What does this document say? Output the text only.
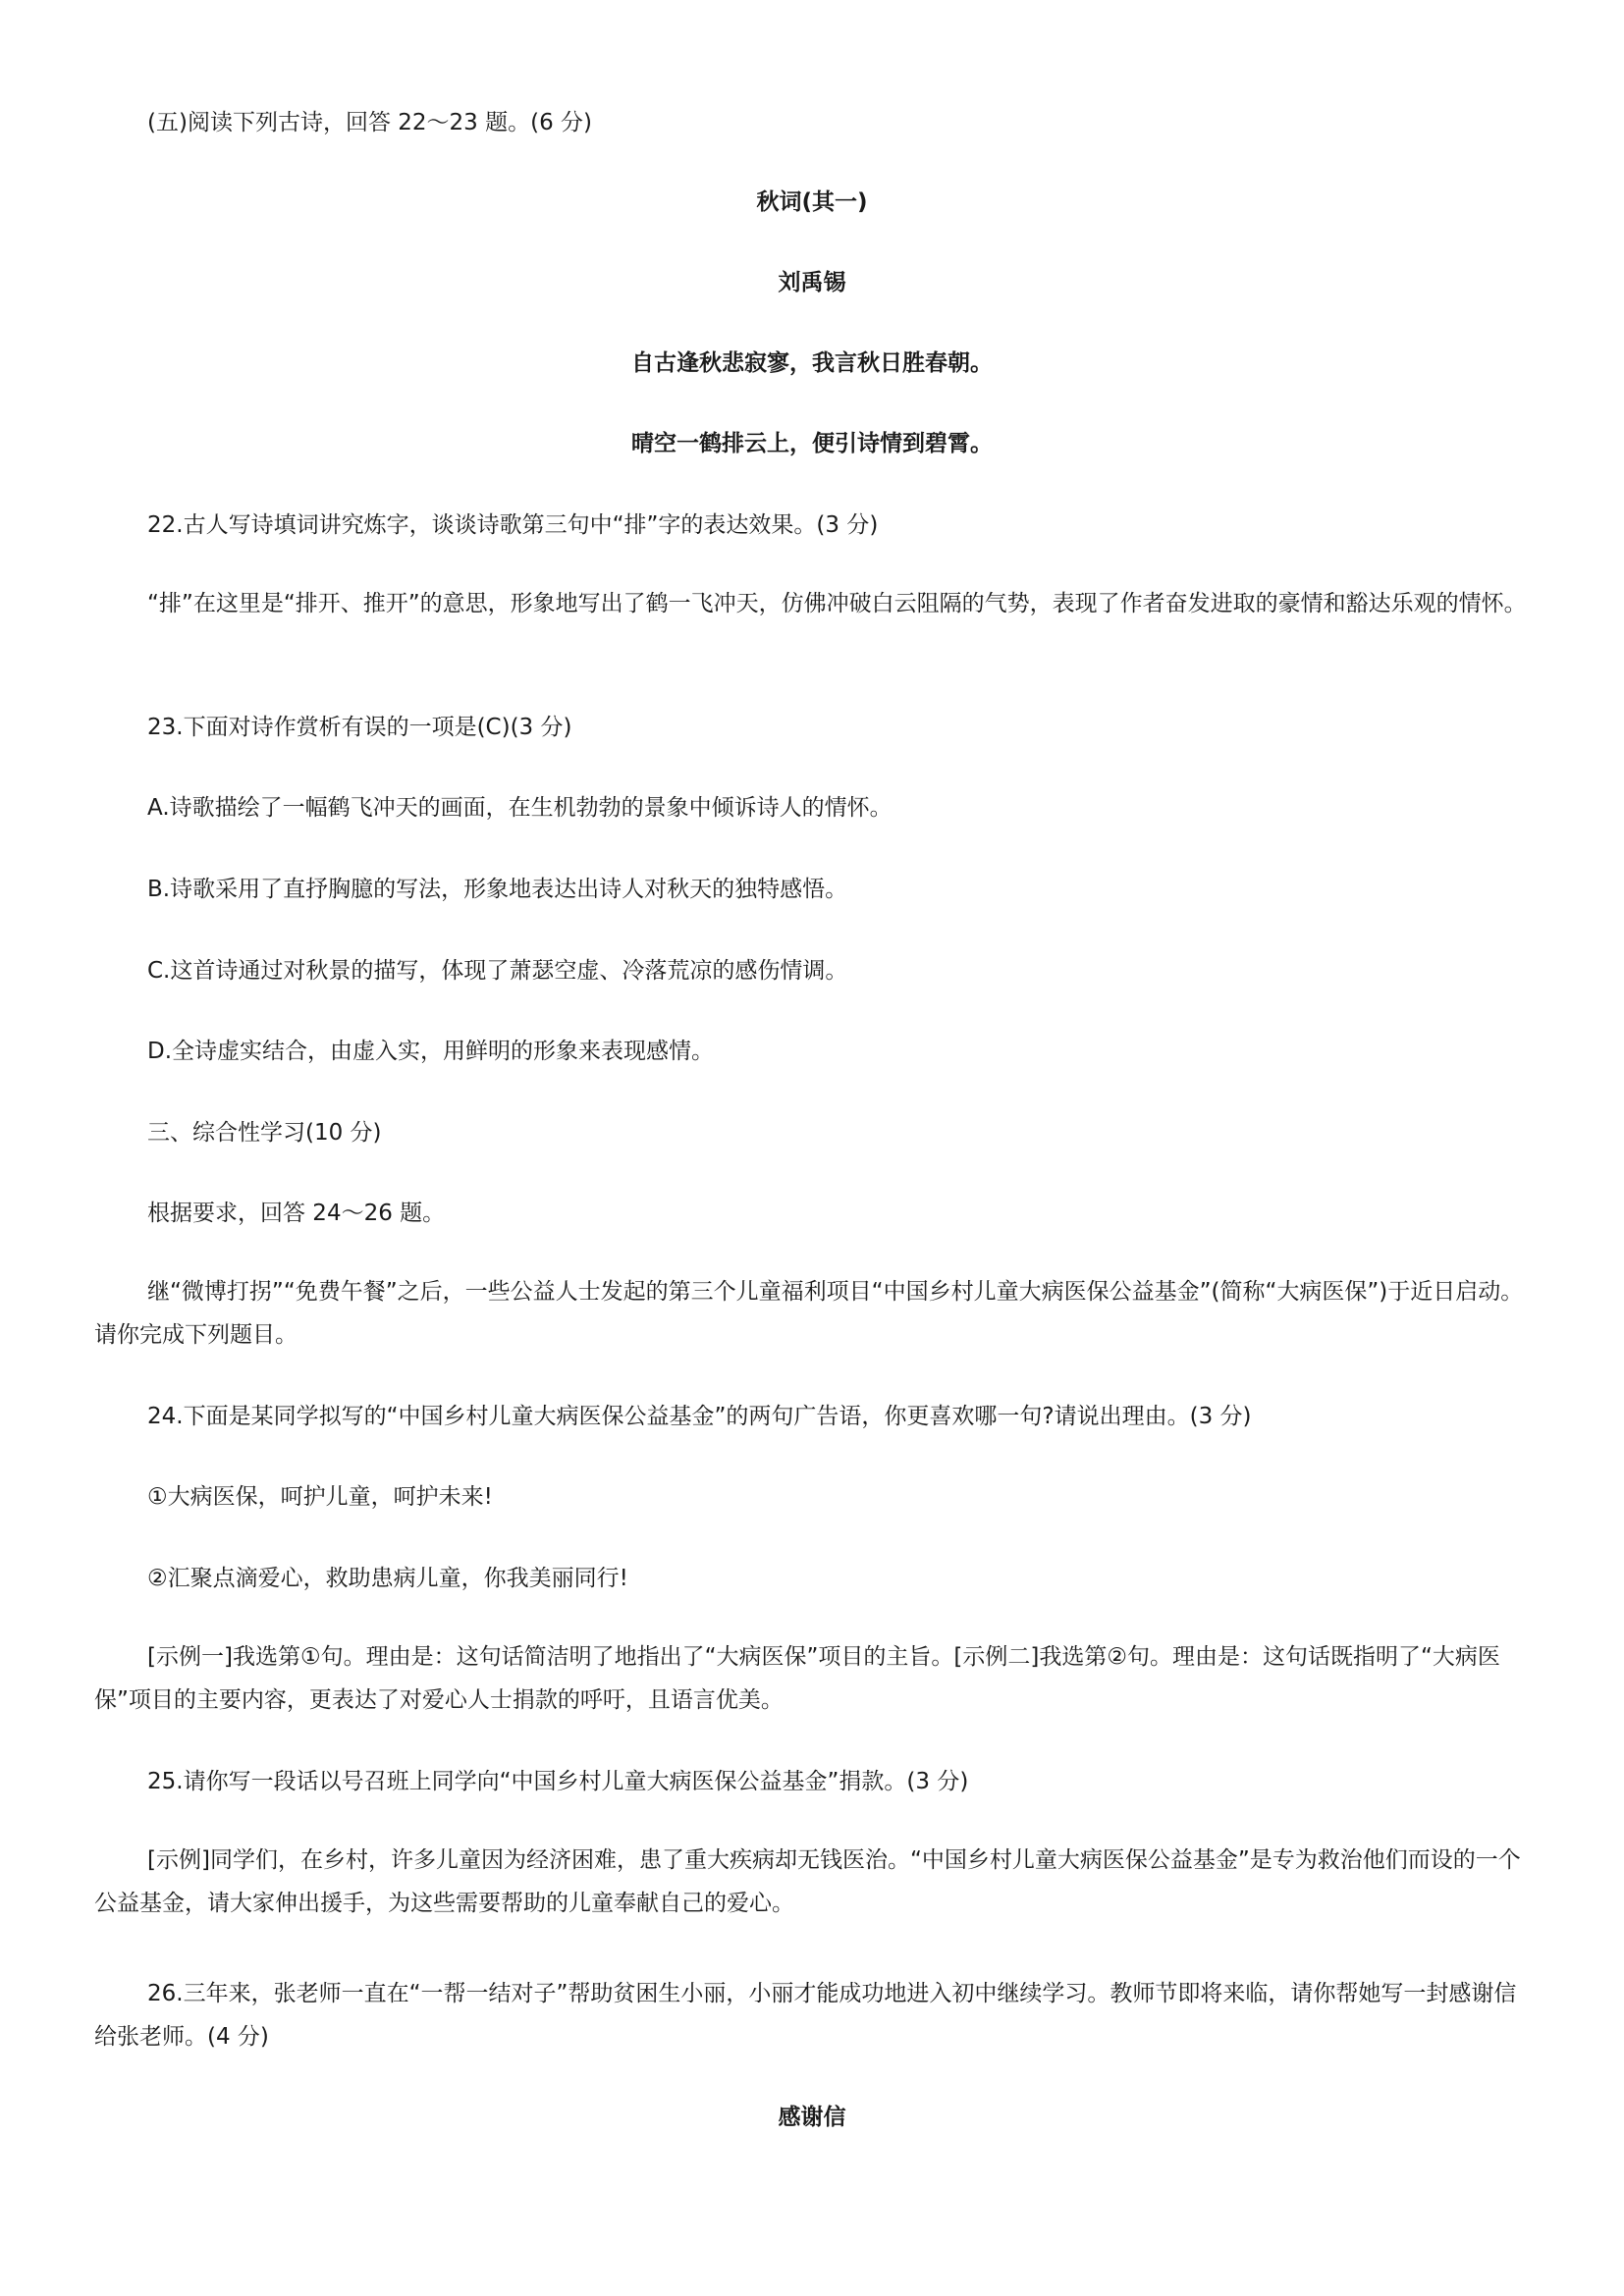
(五)阅读下列古诗，回答 22～23 题。(6 分)

秋词(其一)

刘禹锡

自古逢秋悲寂寥，我言秋日胜春朝。

晴空一鹤排云上，便引诗情到碧霄。

22.古人写诗填词讲究炼字，谈谈诗歌第三句中“排”字的表达效果。(3 分)

“排”在这里是“排开、推开”的意思，形象地写出了鹤一飞冲天，仿佛冲破白云阻隔的气势，表现了作者奋发进取的豪情和豁达乐观的情怀。

23.下面对诗作赏析有误的一项是(C)(3 分)

A.诗歌描绘了一幅鹤飞冲天的画面，在生机勃勃的景象中倾诉诗人的情怀。

B.诗歌采用了直抒胸臆的写法，形象地表达出诗人对秋天的独特感悟。

C.这首诗通过对秋景的描写，体现了萧瑟空虚、冷落荒凉的感伤情调。

D.全诗虚实结合，由虚入实，用鲜明的形象来表现感情。

三、综合性学习(10 分)

根据要求，回答 24～26 题。

继“微博打拐”“免费午餐”之后，一些公益人士发起的第三个儿童福利项目“中国乡村儿童大病医保公益基金”(简称“大病医保”)于近日启动。请你完成下列题目。

24.下面是某同学拟写的“中国乡村儿童大病医保公益基金”的两句广告语，你更喜欢哪一句?请说出理由。(3 分)

①大病医保，呵护儿童，呵护未来!

②汇聚点滴爱心，救助患病儿童，你我美丽同行!

[示例一]我选第①句。理由是：这句话简洁明了地指出了“大病医保”项目的主旨。[示例二]我选第②句。理由是：这句话既指明了“大病医保”项目的主要内容，更表达了对爱心人士捐款的呼吁，且语言优美。

25.请你写一段话以号召班上同学向“中国乡村儿童大病医保公益基金”捐款。(3 分)

[示例]同学们，在乡村，许多儿童因为经济困难，患了重大疾病却无钱医治。“中国乡村儿童大病医保公益基金”是专为救治他们而设的一个公益基金，请大家伸出援手，为这些需要帮助的儿童奉献自己的爱心。

26.三年来，张老师一直在“一帮一结对子”帮助贫困生小丽，小丽才能成功地进入初中继续学习。教师节即将来临，请你帮她写一封感谢信给张老师。(4 分)

感谢信
